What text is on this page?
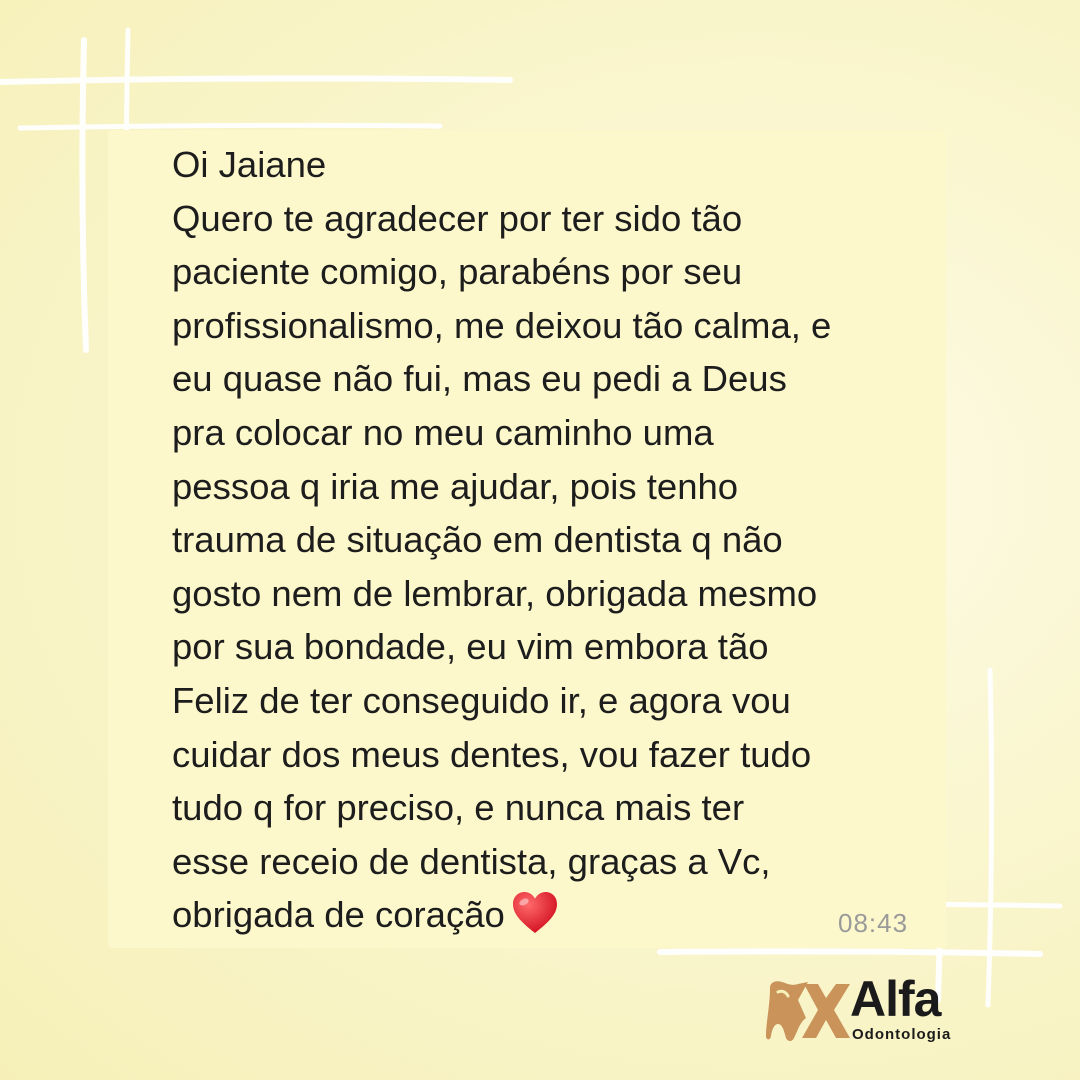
Oi Jaiane
Quero te agradecer por ter sido tão
paciente comigo, parabéns por seu
profissionalismo, me deixou tão calma, e
eu quase não fui, mas eu pedi a Deus
pra colocar no meu caminho uma
pessoa q iria me ajudar, pois tenho
trauma de situação em dentista q não
gosto nem de lembrar, obrigada mesmo
por sua bondade, eu vim embora tão
Feliz de ter conseguido ir, e agora vou
cuidar dos meus dentes, vou fazer tudo
tudo q for preciso, e nunca mais ter
esse receio de dentista, graças a Vc,
obrigada de coração	08:43
Alfa
Odontologia
